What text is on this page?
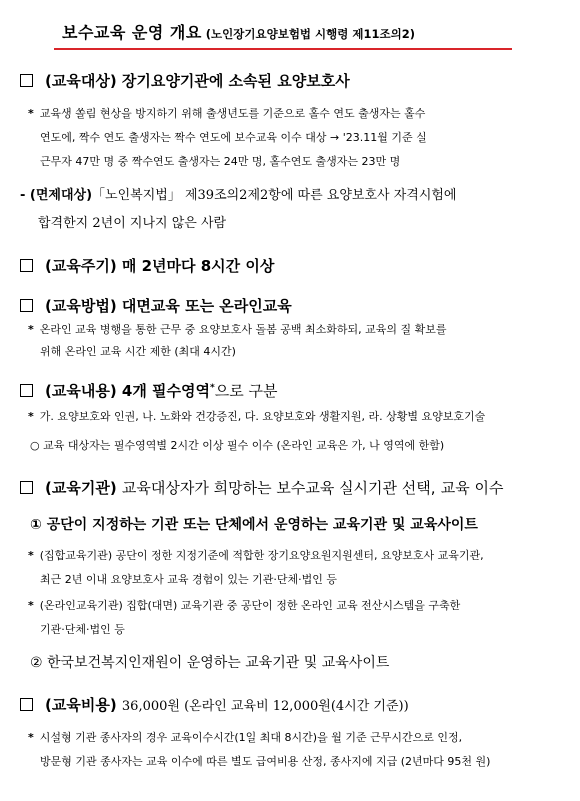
보수교육 운영 개요 (노인장기요양보험법 시행령 제11조의2)
(교육대상) 장기요양기관에 소속된 요양보호사
* 교육생 쏠림 현상을 방지하기 위해 출생년도를 기준으로 홀수 연도 출생자는 홀수
연도에, 짝수 연도 출생자는 짝수 연도에 보수교육 이수 대상 → '23.11월 기준 실
근무자 47만 명 중 짝수연도 출생자는 24만 명, 홀수연도 출생자는 23만 명
- (면제대상)「노인복지법」 제39조의2제2항에 따른 요양보호사 자격시험에
합격한지 2년이 지나지 않은 사람
(교육주기) 매 2년마다 8시간 이상
(교육방법) 대면교육 또는 온라인교육
* 온라인 교육 병행을 통한 근무 중 요양보호사 돌봄 공백 최소화하되, 교육의 질 확보를
위해 온라인 교육 시간 제한 (최대 4시간)
(교육내용) 4개 필수영역*으로 구분
* 가. 요양보호와 인권, 나. 노화와 건강증진, 다. 요양보호와 생활지원, 라. 상황별 요양보호기술
○ 교육 대상자는 필수영역별 2시간 이상 필수 이수 (온라인 교육은 가, 나 영역에 한함)
(교육기관) 교육대상자가 희망하는 보수교육 실시기관 선택, 교육 이수
① 공단이 지정하는 기관 또는 단체에서 운영하는 교육기관 및 교육사이트
* (집합교육기관) 공단이 정한 지정기준에 적합한 장기요양요원지원센터, 요양보호사 교육기관,
최근 2년 이내 요양보호사 교육 경험이 있는 기관·단체·법인 등
* (온라인교육기관) 집합(대면) 교육기관 중 공단이 정한 온라인 교육 전산시스템을 구축한
기관·단체·법인 등
② 한국보건복지인재원이 운영하는 교육기관 및 교육사이트
(교육비용) 36,000원 (온라인 교육비 12,000원(4시간 기준))
* 시설형 기관 종사자의 경우 교육이수시간(1일 최대 8시간)을 월 기준 근무시간으로 인정,
방문형 기관 종사자는 교육 이수에 따른 별도 급여비용 산정, 종사지에 지급 (2년마다 95천 원)
